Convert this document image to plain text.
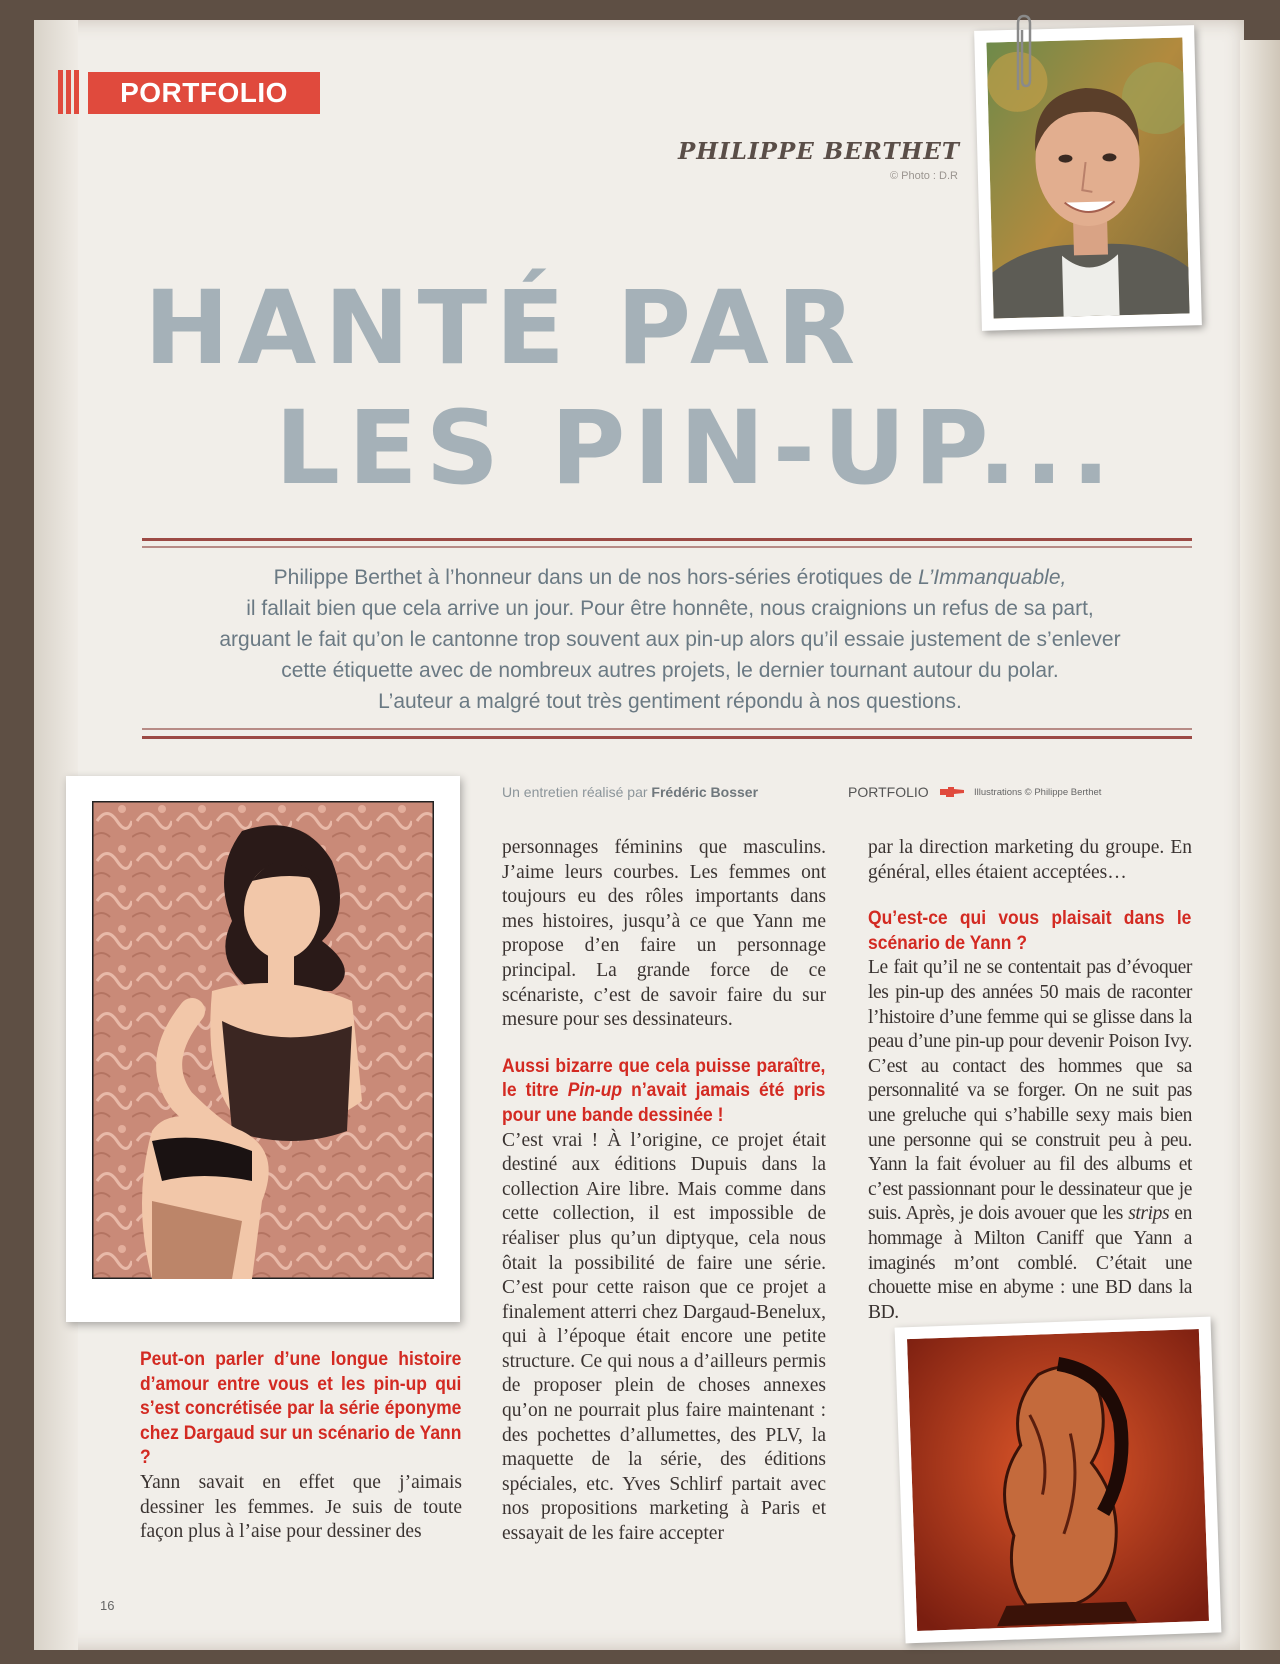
PORTFOLIO
PHILIPPE BERTHET
© Photo : D.R
HANTÉ PAR
LES PIN-UP...
Philippe Berthet à l’honneur dans un de nos hors-séries érotiques de L’Immanquable,
il fallait bien que cela arrive un jour. Pour être honnête, nous craignions un refus de sa part,
arguant le fait qu’on le cantonne trop souvent aux pin-up alors qu’il essaie justement de s’enlever
cette étiquette avec de nombreux autres projets, le dernier tournant autour du polar.
L’auteur a malgré tout très gentiment répondu à nos questions.
Un entretien réalisé par Frédéric Bosser	PORTFOLIO	Illustrations © Philippe Berthet

Peut-on parler d’une longue histoire d’amour entre vous et les pin-up qui s’est concrétisée par la série éponyme chez Dargaud sur un scénario de Yann ?

Yann savait en effet que j’aimais dessiner les femmes. Je suis de toute façon plus à l’aise pour dessiner des

personnages féminins que masculins. J’aime leurs courbes. Les femmes ont toujours eu des rôles importants dans mes histoires, jusqu’à ce que Yann me propose d’en faire un personnage principal. La grande force de ce scénariste, c’est de savoir faire du sur mesure pour ses dessinateurs.

Aussi bizarre que cela puisse paraître, le titre Pin-up n’avait jamais été pris pour une bande dessinée !

C’est vrai ! À l’origine, ce projet était destiné aux éditions Dupuis dans la collection Aire libre. Mais comme dans cette collection, il est impossible de réaliser plus qu’un diptyque, cela nous ôtait la possibilité de faire une série. C’est pour cette raison que ce projet a finalement atterri chez Dargaud-Benelux, qui à l’époque était encore une petite structure. Ce qui nous a d’ailleurs permis de proposer plein de choses annexes qu’on ne pourrait plus faire maintenant : des pochettes d’allumettes, des PLV, la maquette de la série, des éditions spéciales, etc. Yves Schlirf partait avec nos propositions marketing à Paris et essayait de les faire accepter

par la direction marketing du groupe. En général, elles étaient acceptées…

Qu’est-ce qui vous plaisait dans le scénario de Yann ?

Le fait qu’il ne se contentait pas d’évoquer les pin-up des années 50 mais de raconter l’histoire d’une femme qui se glisse dans la peau d’une pin-up pour devenir Poison Ivy. C’est au contact des hommes que sa personnalité va se forger. On ne suit pas une greluche qui s’habille sexy mais bien une personne qui se construit peu à peu. Yann la fait évoluer au fil des albums et c’est passionnant pour le dessinateur que je suis. Après, je dois avouer que les strips en hommage à Milton Caniff que Yann a imaginés m’ont comblé. C’était une chouette mise en abyme : une BD dans la BD.

16
